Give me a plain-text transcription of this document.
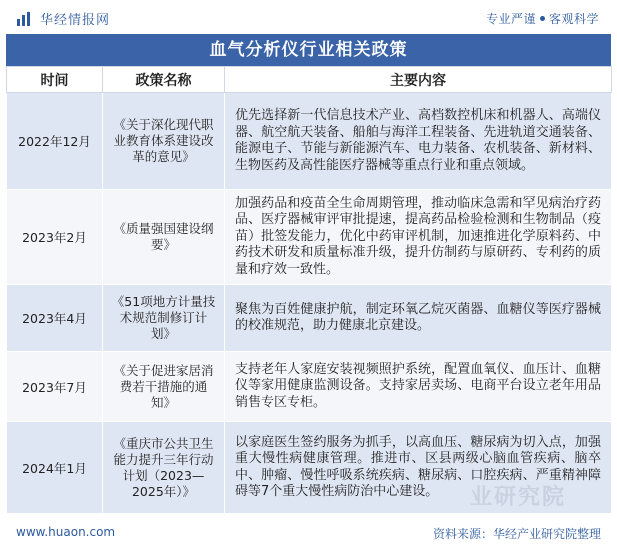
华经情报网	专业严谨 客观科学
血气分析仪行业相关政策
时间	政策名称	主要内容
2022年12月	《关于深化现代职业教育体系建设改革的意见》	优先选择新一代信息技术产业、高档数控机床和机器人、高端仪器、航空航天装备、船舶与海洋工程装备、先进轨道交通装备、能源电子、节能与新能源汽车、电力装备、农机装备、新材料、生物医药及高性能医疗器械等重点行业和重点领域。
2023年2月	《质量强国建设纲要》	加强药品和疫苗全生命周期管理，推动临床急需和罕见病治疗药品、医疗器械审评审批提速，提高药品检验检测和生物制品（疫苗）批签发能力，优化中药审评机制，加速推进化学原料药、中药技术研发和质量标准升级，提升仿制药与原研药、专利药的质量和疗效一致性。
2023年4月	《51项地方计量技术规范制修订计划》	聚焦为百姓健康护航，制定环氧乙烷灭菌器、血糖仪等医疗器械的校准规范，助力健康北京建设。
2023年7月	《关于促进家居消费若干措施的通知》	支持老年人家庭安装视频照护系统，配置血氧仪、血压计、血糖仪等家用健康监测设备。支持家居卖场、电商平台设立老年用品销售专区专柜。
2024年1月	《重庆市公共卫生能力提升三年行动计划（2023—2025年）》	以家庭医生签约服务为抓手，以高血压、糖尿病为切入点，加强重大慢性病健康管理。推进市、区县两级心脑血管疾病、脑卒中、肿瘤、慢性呼吸系统疾病、糖尿病、口腔疾病、严重精神障碍等7个重大慢性病防治中心建设。 业研究院
www.huaon.com	资料来源：华经产业研究院整理
